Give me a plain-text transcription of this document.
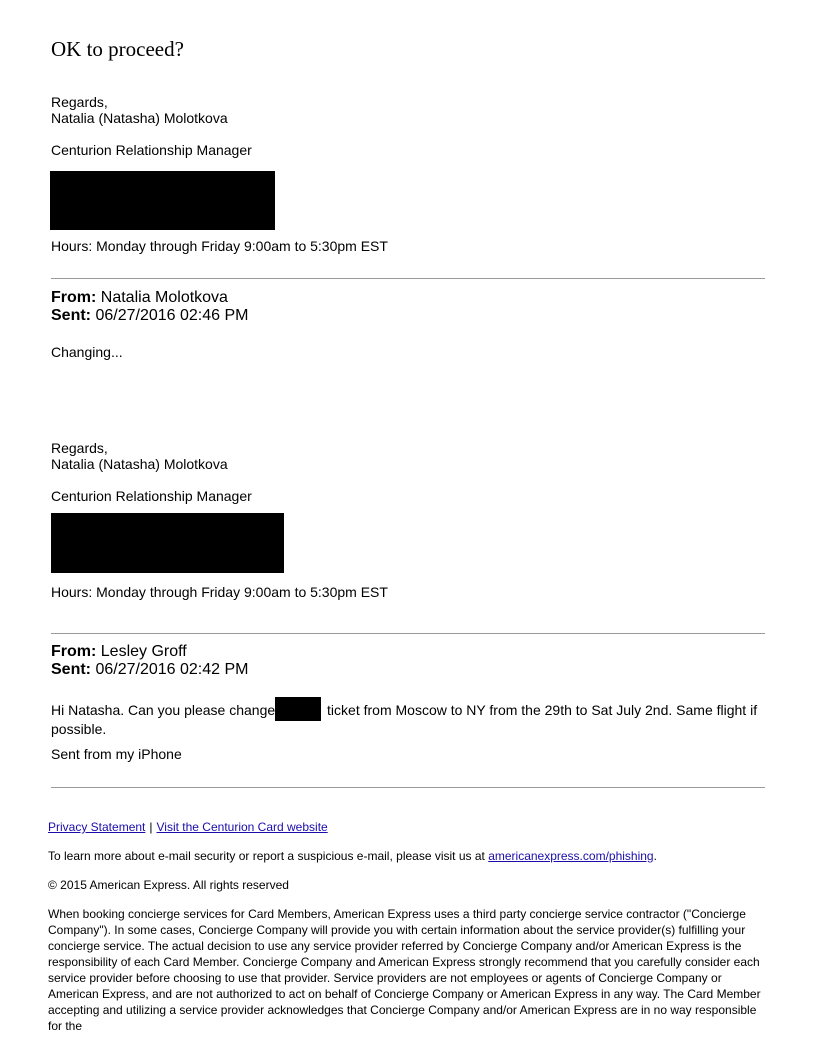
OK to proceed?
Regards,
Natalia (Natasha) Molotkova
Centurion Relationship Manager
Hours: Monday through Friday 9:00am to 5:30pm EST
From: Natalia Molotkova
Sent: 06/27/2016 02:46 PM
Changing...
Regards,
Natalia (Natasha) Molotkova
Centurion Relationship Manager
Hours: Monday through Friday 9:00am to 5:30pm EST
From: Lesley Groff
Sent: 06/27/2016 02:42 PM
Hi Natasha. Can you please change	ticket from Moscow to NY from the 29th to Sat July 2nd. Same flight if possible.
Sent from my iPhone
Privacy Statement | Visit the Centurion Card website
To learn more about e-mail security or report a suspicious e-mail, please visit us at americanexpress.com/phishing.
© 2015 American Express. All rights reserved
When booking concierge services for Card Members, American Express uses a third party concierge service contractor ("Concierge Company"). In some cases, Concierge Company will provide you with certain information about the service provider(s) fulfilling your concierge service. The actual decision to use any service provider referred by Concierge Company and/or American Express is the responsibility of each Card Member. Concierge Company and American Express strongly recommend that you carefully consider each service provider before choosing to use that provider. Service providers are not employees or agents of Concierge Company or American Express, and are not authorized to act on behalf of Concierge Company or American Express in any way. The Card Member accepting and utilizing a service provider acknowledges that Concierge Company and/or American Express are in no way responsible for the
